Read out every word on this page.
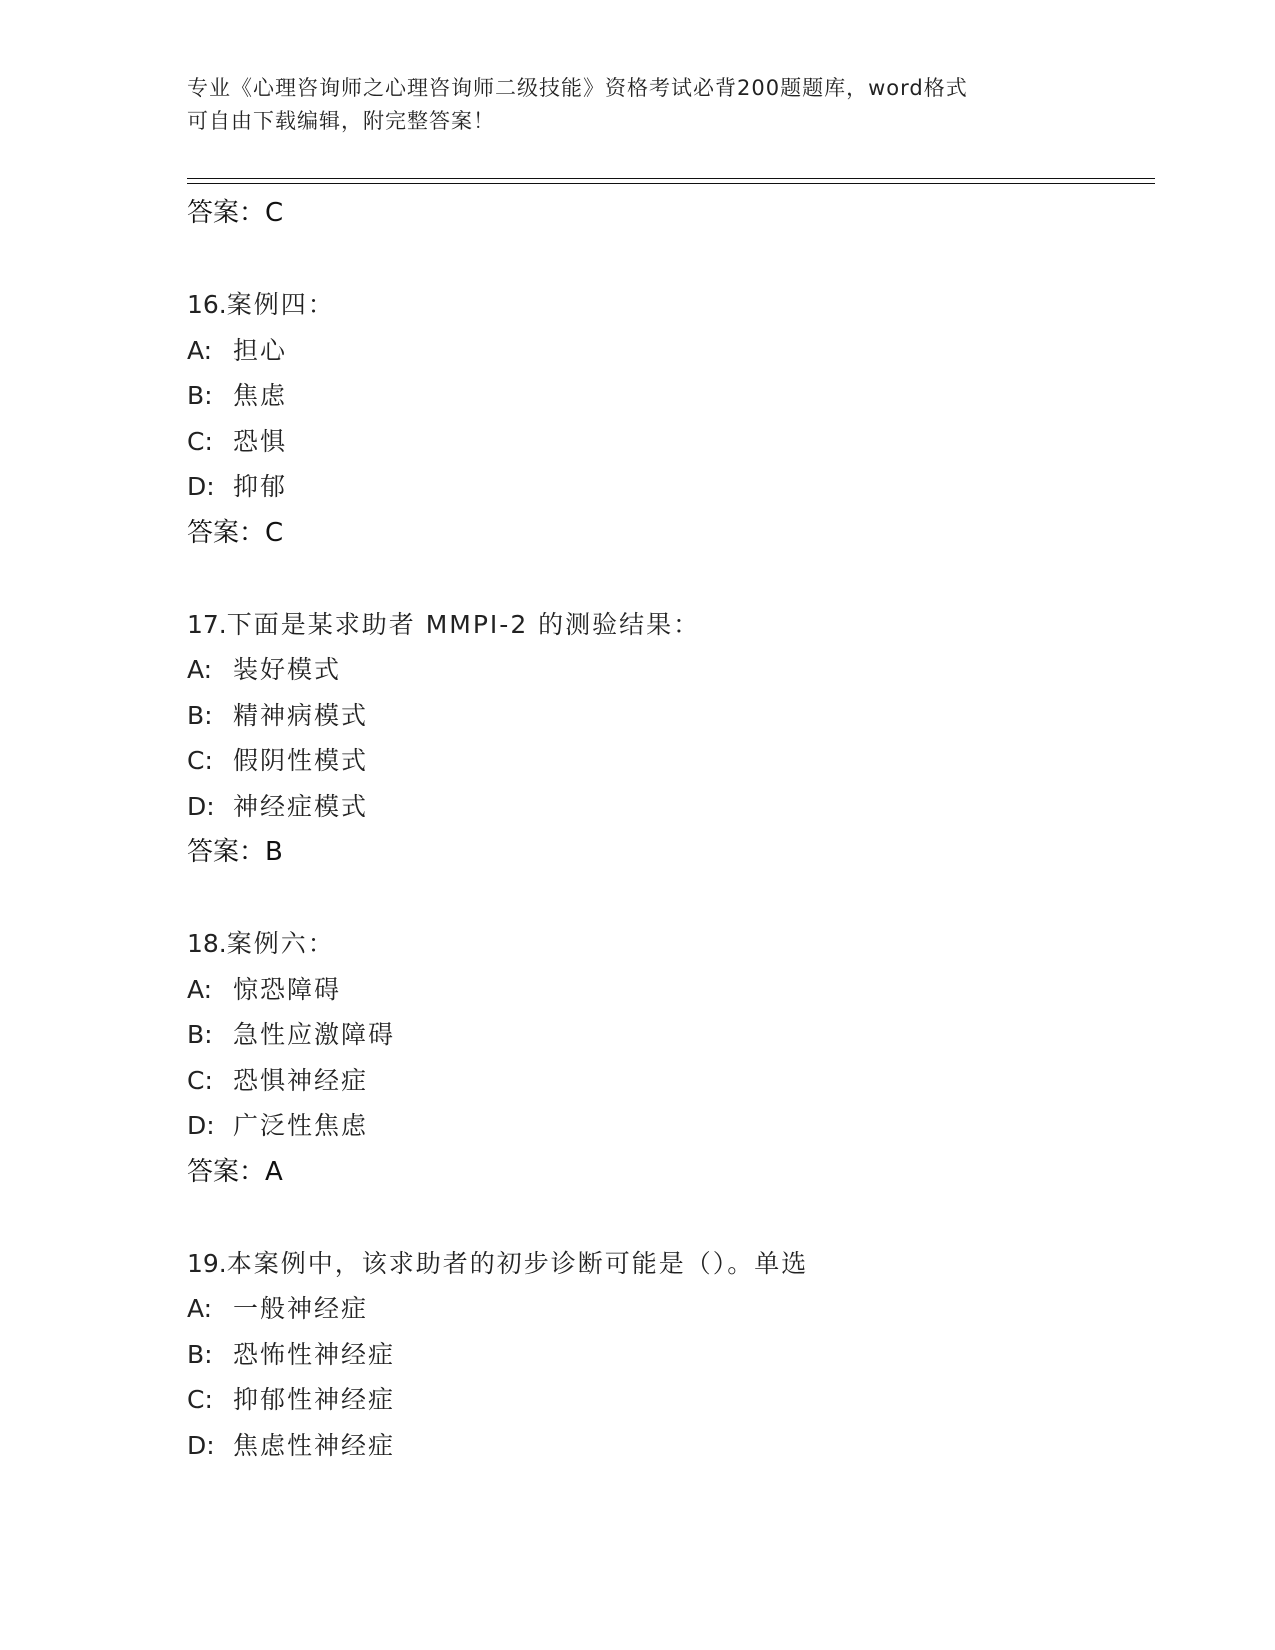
专业《心理咨询师之心理咨询师二级技能》资格考试必背200题题库，word格式
可自由下载编辑，附完整答案！
答案：C
16.案例四：
A: 担心
B: 焦虑
C: 恐惧
D: 抑郁
答案：C
17.下面是某求助者 MMPI-2 的测验结果：
A: 装好模式
B: 精神病模式
C: 假阴性模式
D: 神经症模式
答案：B
18.案例六：
A: 惊恐障碍
B: 急性应激障碍
C: 恐惧神经症
D: 广泛性焦虑
答案：A
19.本案例中，该求助者的初步诊断可能是（）。单选
A: 一般神经症
B: 恐怖性神经症
C: 抑郁性神经症
D: 焦虑性神经症
